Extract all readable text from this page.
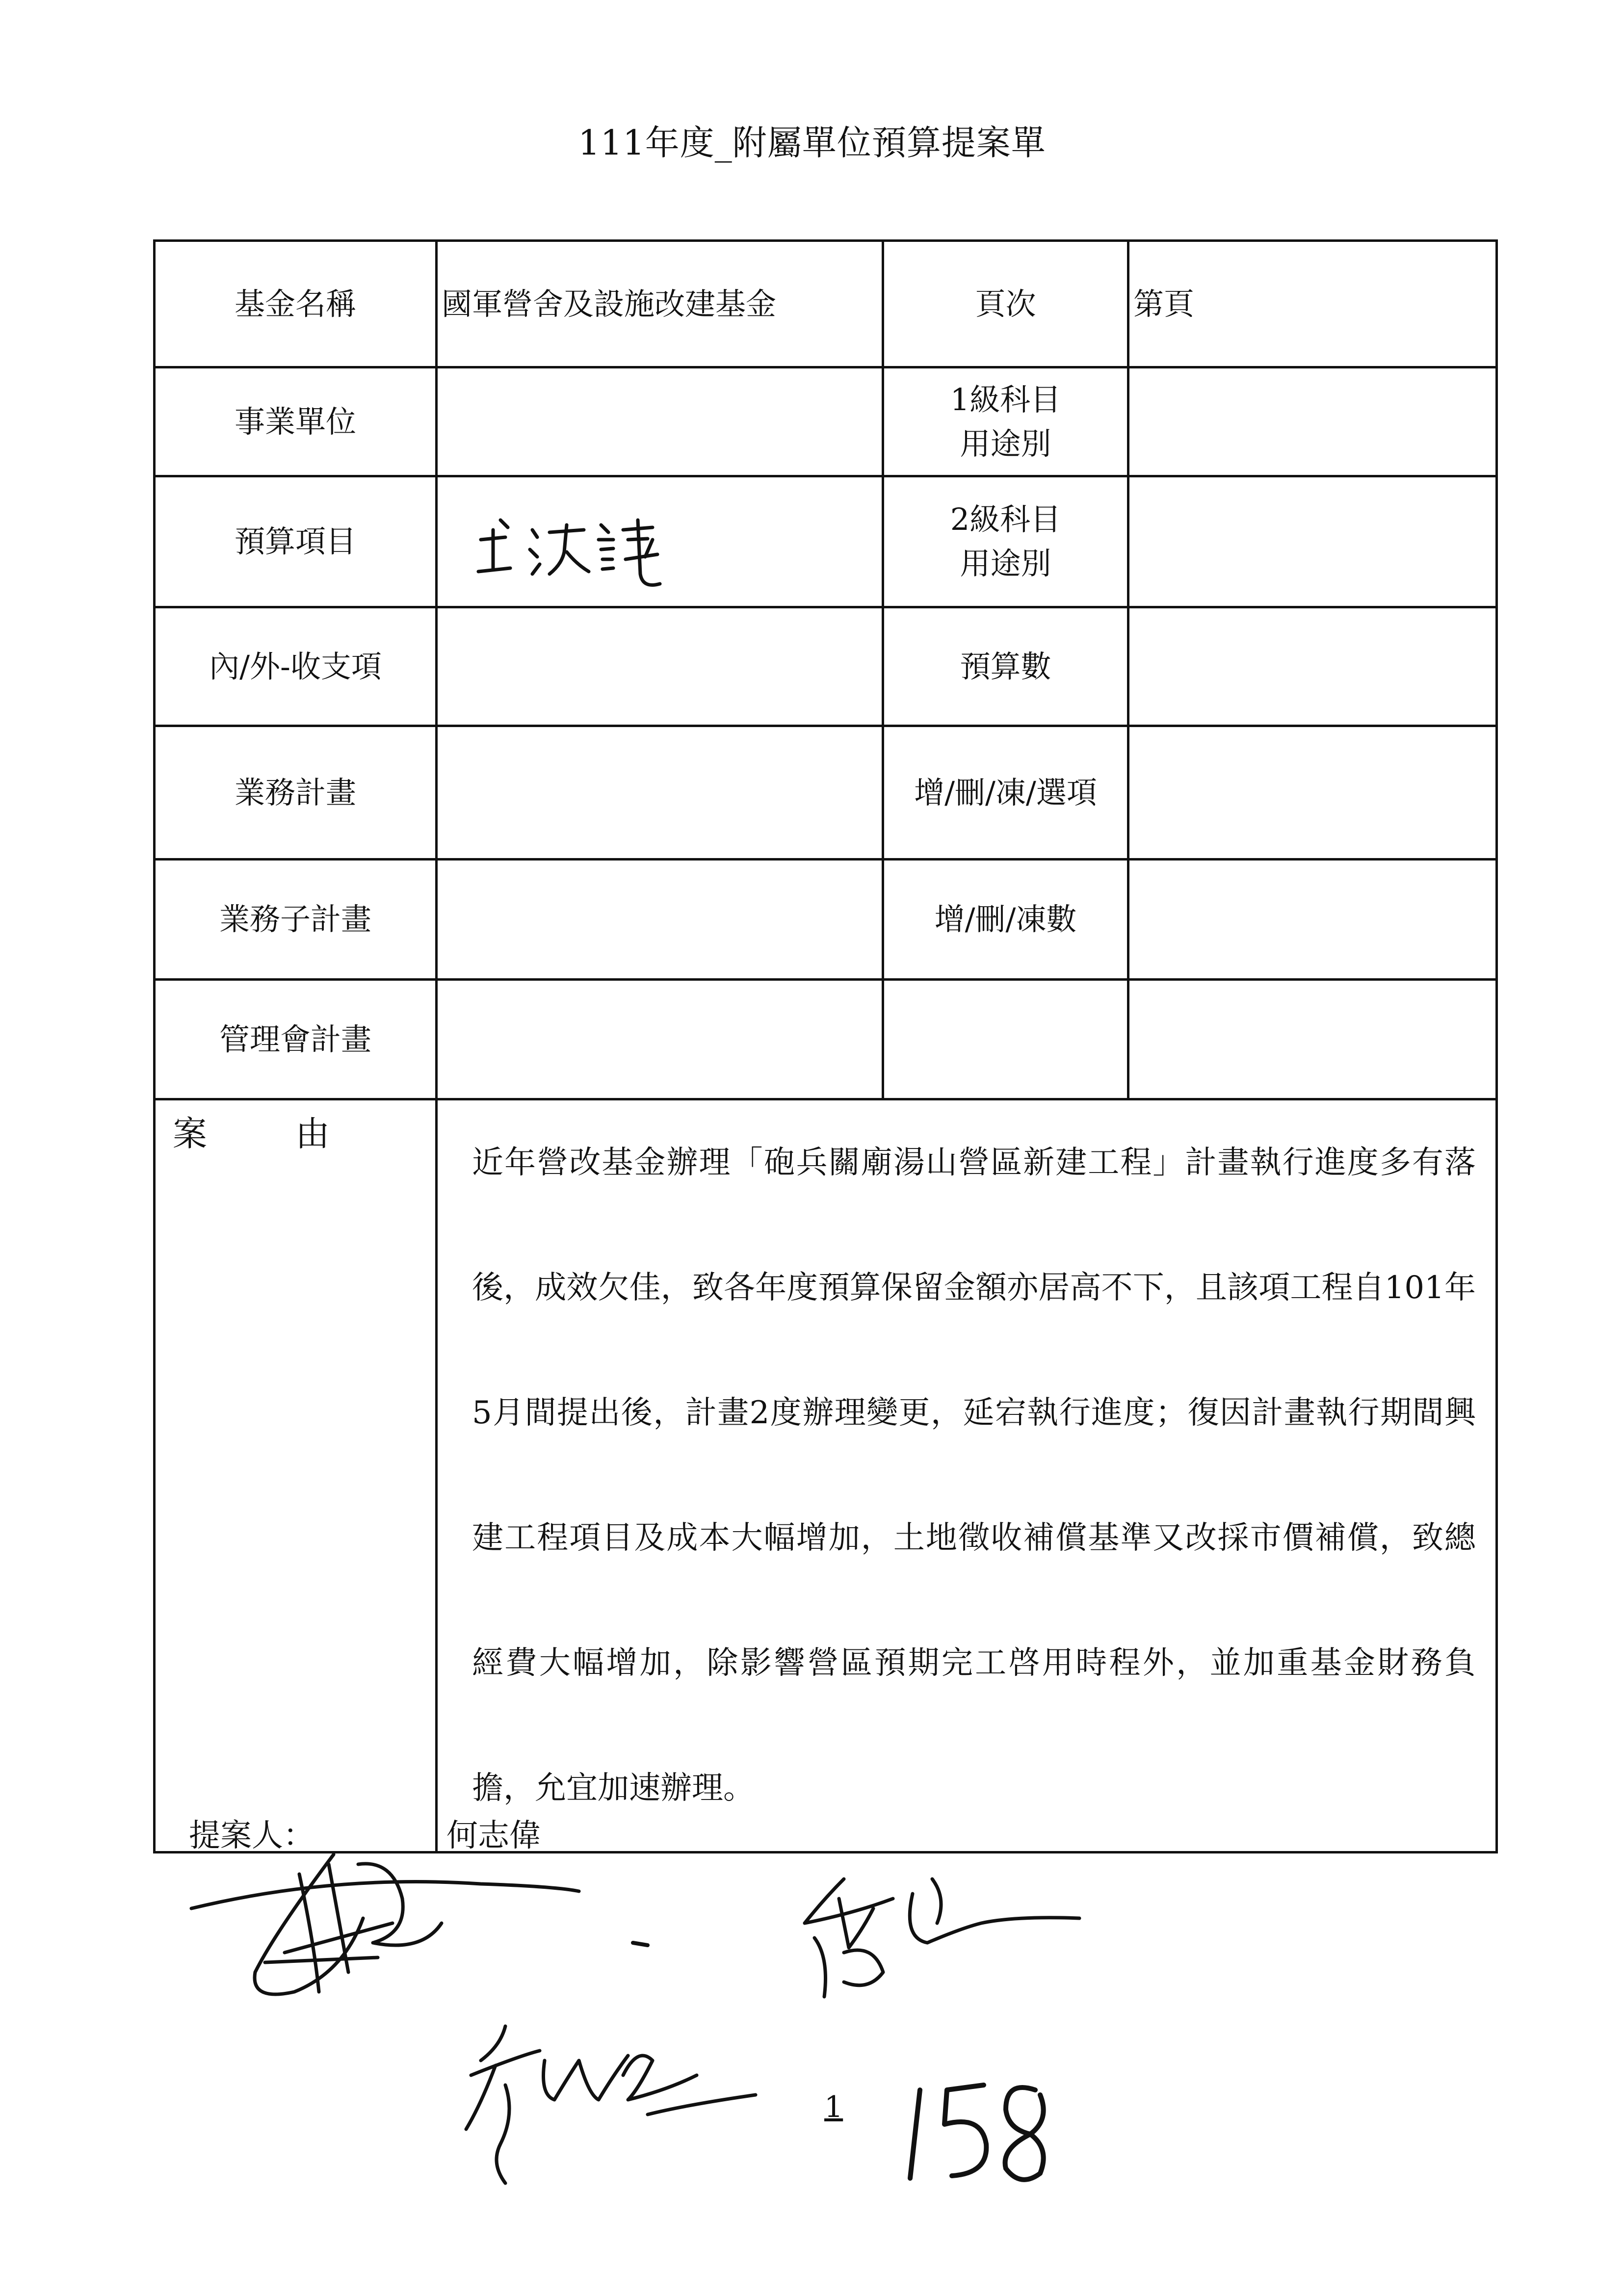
111年度_附屬單位預算提案單
基金名稱	國軍營舍及設施改建基金	頁次	第頁
事業單位		1級科目
用途別	

預算項目		2級科目
用途別	

內/外-收支項		預算數	
業務計畫		增/刪/凍/選項	
業務子計畫		增/刪/凍數	
管理會計畫			
案由	近年營改基金辦理「砲兵關廟湯山營區新建工程」計畫執行進度多有落後，成效欠佳，致各年度預算保留金額亦居高不下，且該項工程自101年5月間提出後，計畫2度辦理變更，延宕執行進度；復因計畫執行期間興建工程項目及成本大幅增加，土地徵收補償基準又改採市價補償，致總經費大幅增加，除影響營區預期完工啓用時程外，並加重基金財務負擔，允宜加速辦理。		
提案人：	何志偉
1
